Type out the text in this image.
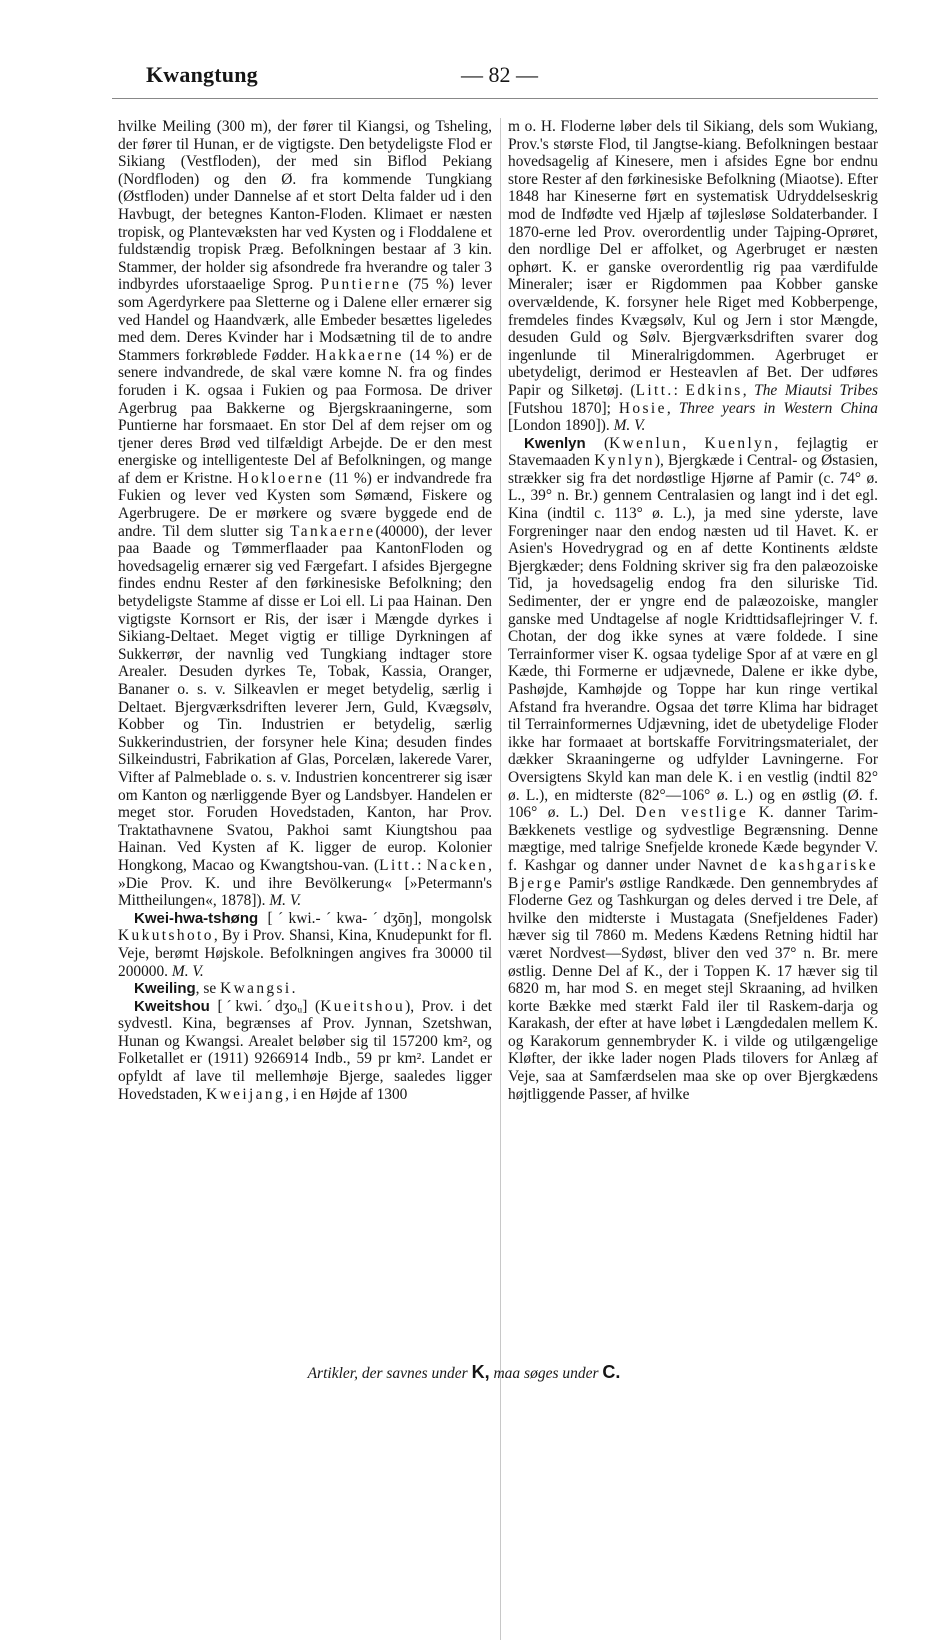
Kwangtung	— 82 —

hvilke Meiling (300 m), der fører til Kiangsi, og Tsheling, der fører til Hunan, er de vigtigste. Den betydeligste Flod er Sikiang (Vestfloden), der med sin Biflod Pekiang (Nordfloden) og den Ø. fra kommende Tungkiang (Østfloden) under Dannelse af et stort Delta falder ud i den Havbugt, der betegnes Kanton-Floden. Klimaet er næsten tropisk, og Plantevæksten har ved Kysten og i Floddalene et fuldstændig tropisk Præg. Befolkningen bestaar af 3 kin. Stammer, der holder sig afsondrede fra hverandre og taler 3 indbyrdes uforstaaelige Sprog. Puntierne (75 %) lever som Agerdyrkere paa Sletterne og i Dalene eller ernærer sig ved Handel og Haandværk, alle Embeder besættes ligeledes med dem. Deres Kvinder har i Modsætning til de to andre Stammers forkrøblede Fødder. Hakkaerne (14 %) er de senere indvandrede, de skal være komne N. fra og findes foruden i K. ogsaa i Fukien og paa Formosa. De driver Agerbrug paa Bakkerne og Bjergskraaningerne, som Puntierne har forsmaaet. En stor Del af dem rejser om og tjener deres Brød ved tilfældigt Arbejde. De er den mest energiske og intelligenteste Del af Befolkningen, og mange af dem er Kristne. Hokloerne (11 %) er indvandrede fra Fukien og lever ved Kysten som Sømænd, Fiskere og Agerbrugere. De er mørkere og svære byggede end de andre. Til dem slutter sig Tankaerne(40000), der lever paa Baade og Tømmerflaader paa KantonFloden og hovedsagelig ernærer sig ved Færgefart. I afsides Bjergegne findes endnu Rester af den førkinesiske Befolkning; den betydeligste Stamme af disse er Loi ell. Li paa Hainan. Den vigtigste Kornsort er Ris, der især i Mængde dyrkes i Sikiang-Deltaet. Meget vigtig er tillige Dyrkningen af Sukkerrør, der navnlig ved Tungkiang indtager store Arealer. Desuden dyrkes Te, Tobak, Kassia, Oranger, Bananer o. s. v. Silkeavlen er meget betydelig, særlig i Deltaet. Bjergværksdriften leverer Jern, Guld, Kvægsølv, Kobber og Tin. Industrien er betydelig, særlig Sukkerindustrien, der forsyner hele Kina; desuden findes Silkeindustri, Fabrikation af Glas, Porcelæn, lakerede Varer, Vifter af Palmeblade o. s. v. Industrien koncentrerer sig især om Kanton og nærliggende Byer og Landsbyer. Handelen er meget stor. Foruden Hovedstaden, Kanton, har Prov. Traktathavnene Svatou, Pakhoi samt Kiungtshou paa Hainan. Ved Kysten af K. ligger de europ. Kolonier Hongkong, Macao og Kwangtshou-van. (Litt.: Nacken, »Die Prov. K. und ihre Bevölkerung« [»Petermann's Mittheilungen«, 1878]). M. V.

Kwei-hwa-tshøng [ˊkwi.-ˊkwa-ˊdʒōŋ], mongolsk Kukutshoto, By i Prov. Shansi, Kina, Knudepunkt for fl. Veje, berømt Højskole. Befolkningen angives fra 30000 til 200000. M. V.

Kweiling, se Kwangsi.

Kweitshou [ˊkwi.ˊdʒoᵤ] (Kueitshou), Prov. i det sydvestl. Kina, begrænses af Prov. Jynnan, Szetshwan, Hunan og Kwangsi. Arealet beløber sig til 157200 km², og Folketallet er (1911) 9266914 Indb., 59 pr km². Landet er opfyldt af lave til mellemhøje Bjerge, saaledes ligger Hovedstaden, Kweijang, i en Højde af 1300

m o. H. Floderne løber dels til Sikiang, dels som Wukiang, Prov.'s største Flod, til Jangtse-kiang. Befolkningen bestaar hovedsagelig af Kinesere, men i afsides Egne bor endnu store Rester af den førkinesiske Befolkning (Miaotse). Efter 1848 har Kineserne ført en systematisk Udryddelseskrig mod de Indfødte ved Hjælp af tøjlesløse Soldaterbander. I 1870-erne led Prov. overordentlig under Tajping-Oprøret, den nordlige Del er affolket, og Agerbruget er næsten ophørt. K. er ganske overordentlig rig paa værdifulde Mineraler; især er Rigdommen paa Kobber ganske overvældende, K. forsyner hele Riget med Kobberpenge, fremdeles findes Kvægsølv, Kul og Jern i stor Mængde, desuden Guld og Sølv. Bjergværksdriften svarer dog ingenlunde til Mineralrigdommen. Agerbruget er ubetydeligt, derimod er Hesteavlen af Bet. Der udføres Papir og Silketøj. (Litt.: Edkins, The Miautsi Tribes [Futshou 1870]; Hosie, Three years in Western China [London 1890]). M. V.

Kwenlyn (Kwenlun, Kuenlyn, fejlagtig er Stavemaaden Kynlyn), Bjergkæde i Central- og Østasien, strækker sig fra det nordøstlige Hjørne af Pamir (c. 74° ø. L., 39° n. Br.) gennem Centralasien og langt ind i det egl. Kina (indtil c. 113° ø. L.), ja med sine yderste, lave Forgreninger naar den endog næsten ud til Havet. K. er Asien's Hovedrygrad og en af dette Kontinents ældste Bjergkæder; dens Foldning skriver sig fra den palæozoiske Tid, ja hovedsagelig endog fra den siluriske Tid. Sedimenter, der er yngre end de palæozoiske, mangler ganske med Undtagelse af nogle Kridttidsaflejringer V. f. Chotan, der dog ikke synes at være foldede. I sine Terrainformer viser K. ogsaa tydelige Spor af at være en gl Kæde, thi Formerne er udjævnede, Dalene er ikke dybe, Pashøjde, Kamhøjde og Toppe har kun ringe vertikal Afstand fra hverandre. Ogsaa det tørre Klima har bidraget til Terrainformernes Udjævning, idet de ubetydelige Floder ikke har formaaet at bortskaffe Forvitringsmaterialet, der dækker Skraaningerne og udfylder Lavningerne. For Oversigtens Skyld kan man dele K. i en vestlig (indtil 82° ø. L.), en midterste (82°—106° ø. L.) og en østlig (Ø. f. 106° ø. L.) Del. Den vestlige K. danner Tarim-Bækkenets vestlige og sydvestlige Begrænsning. Denne mægtige, med talrige Snefjelde kronede Kæde begynder V. f. Kashgar og danner under Navnet de kashgariske Bjerge Pamir's østlige Randkæde. Den gennembrydes af Floderne Gez og Tashkurgan og deles derved i tre Dele, af hvilke den midterste i Mustagata (Snefjeldenes Fader) hæver sig til 7860 m. Medens Kædens Retning hidtil har været Nordvest—Sydøst, bliver den ved 37° n. Br. mere østlig. Denne Del af K., der i Toppen K. 17 hæver sig til 6820 m, har mod S. en meget stejl Skraaning, ad hvilken korte Bække med stærkt Fald iler til Raskem-darja og Karakash, der efter at have løbet i Længdedalen mellem K. og Karakorum gennembryder K. i vilde og utilgængelige Kløfter, der ikke lader nogen Plads tilovers for Anlæg af Veje, saa at Samfærdselen maa ske op over Bjergkædens højtliggende Passer, af hvilke

Artikler, der savnes under K, maa søges under C.
